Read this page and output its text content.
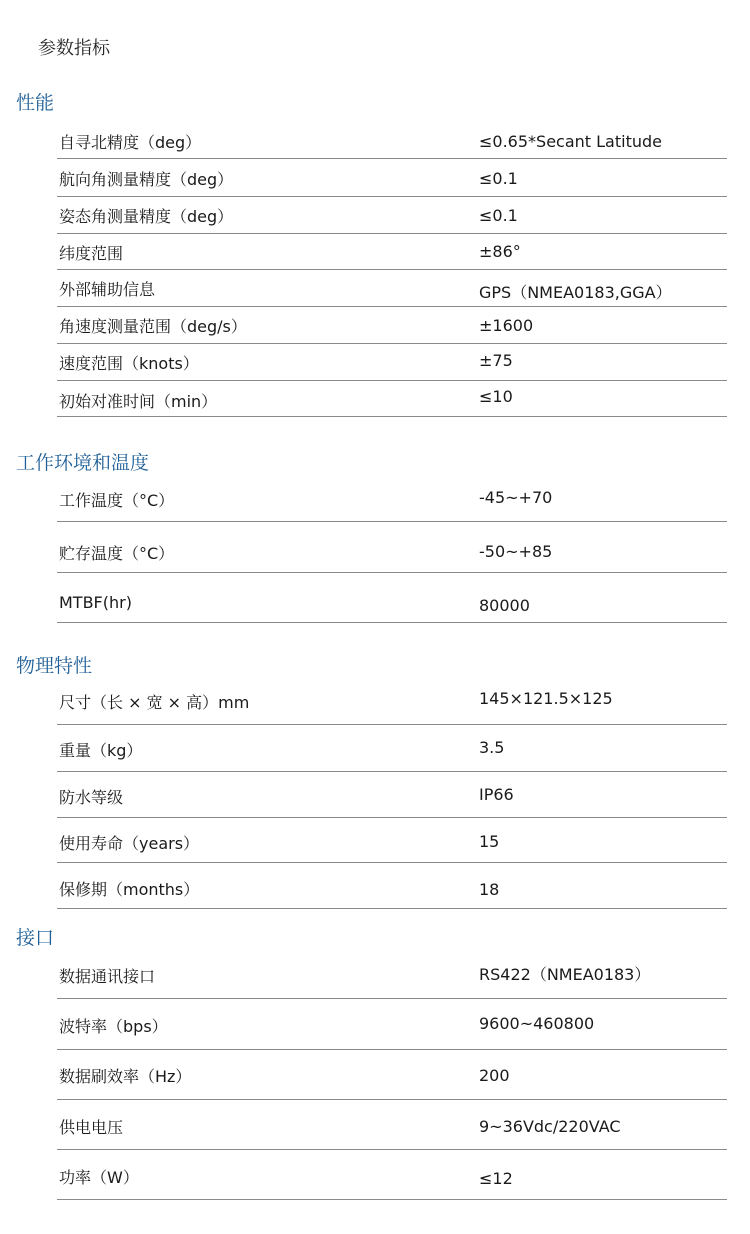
参数指标
性能
自寻北精度（deg）	≤0.65*Secant Latitude
航向角测量精度（deg）	≤0.1
姿态角测量精度（deg）	≤0.1
纬度范围	±86°
外部辅助信息	GPS（NMEA0183,GGA）
角速度测量范围（deg/s）	±1600
速度范围（knots）	±75
初始对准时间（min）	≤10
工作环境和温度
工作温度（°C）	-45~+70
贮存温度（°C）	-50~+85
MTBF(hr)	80000
物理特性
尺寸（长 × 宽 × 高）mm	145×121.5×125
重量（kg）	3.5
防水等级	IP66
使用寿命（years）	15
保修期（months）	18
接口
数据通讯接口	RS422（NMEA0183）
波特率（bps）	9600~460800
数据刷效率（Hz）	200
供电电压	9~36Vdc/220VAC
功率（W）	≤12
